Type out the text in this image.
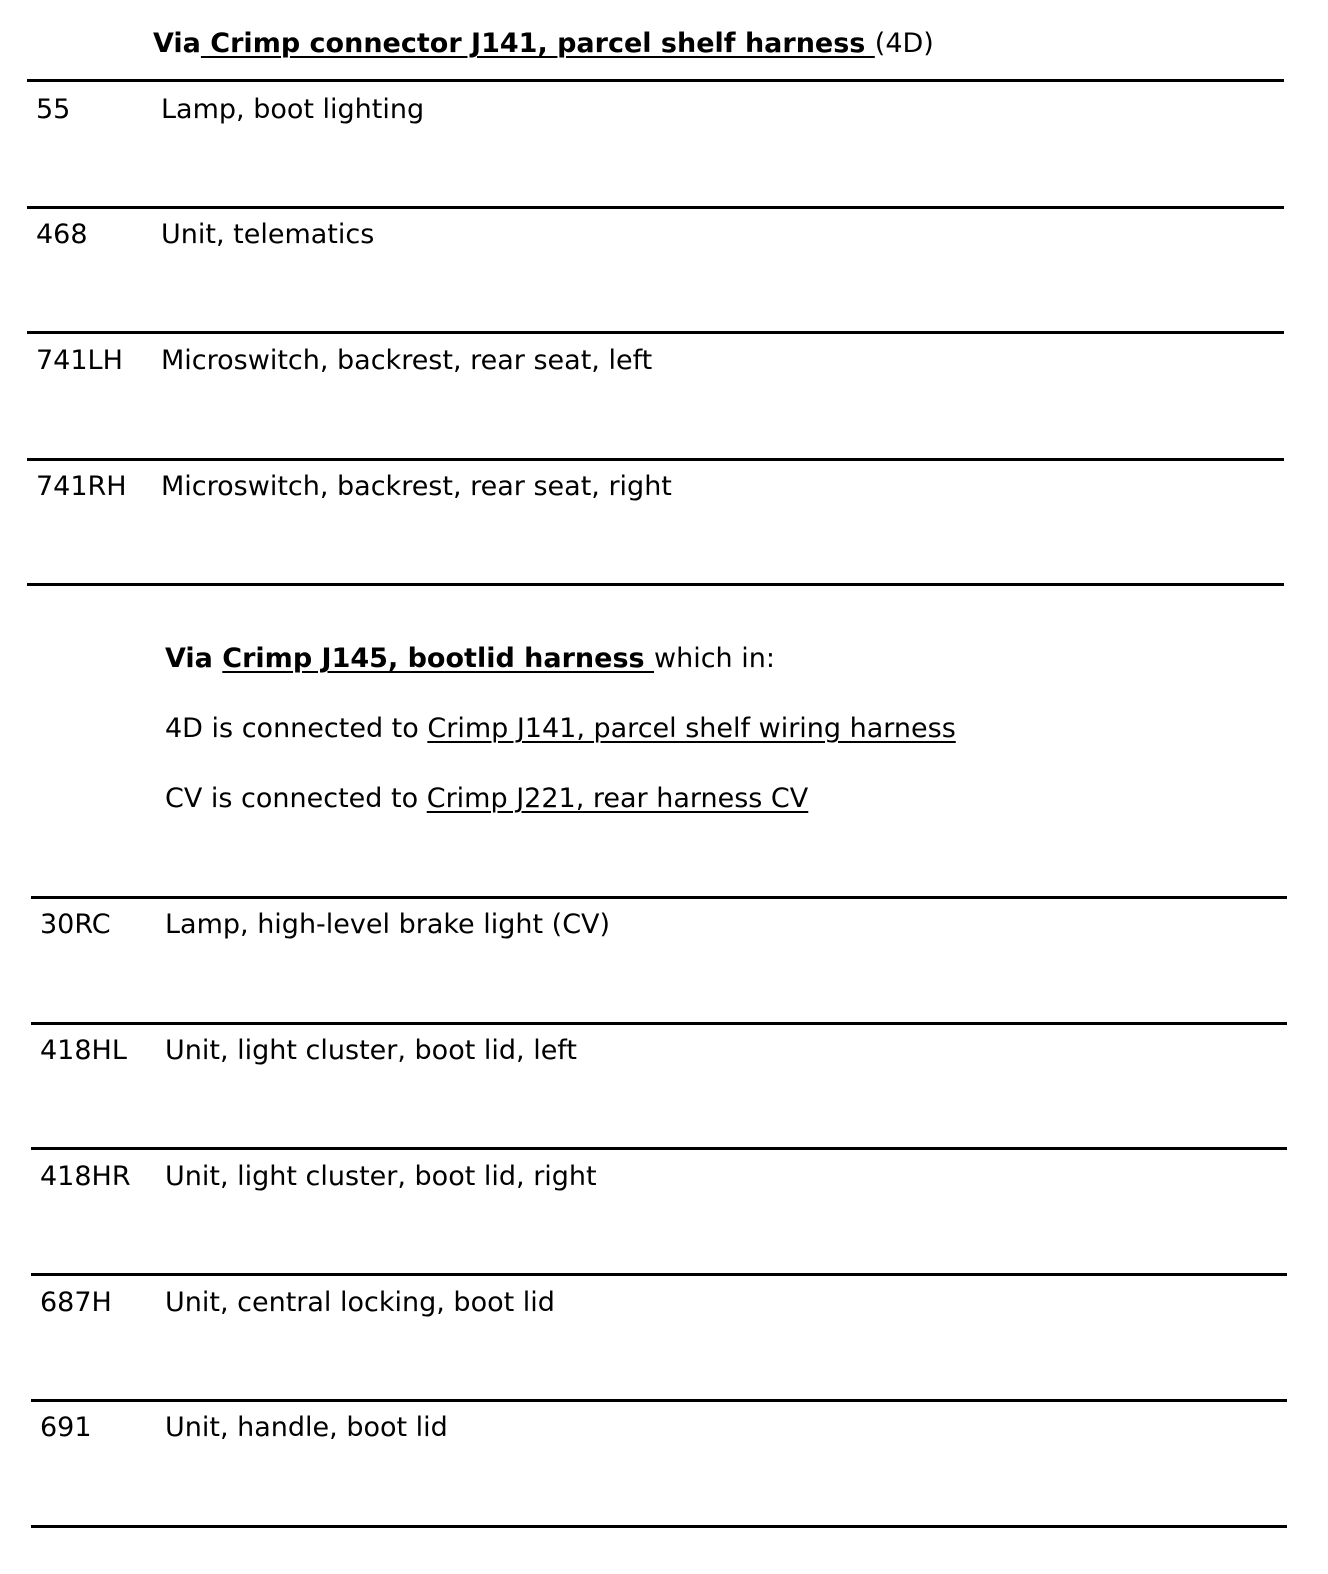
Via Crimp connector J141, parcel shelf harness (4D)
55	Lamp, boot lighting
468	Unit, telematics
741LH Microswitch, backrest, rear seat, left
741RH Microswitch, backrest, rear seat, right
Via Crimp J145, bootlid harness which in:
4D is connected to Crimp J141, parcel shelf wiring harness
CV is connected to Crimp J221, rear harness CV
30RC Lamp, high-level brake light (CV)
418HL Unit, light cluster, boot lid, left
418HR Unit, light cluster, boot lid, right
687H Unit, central locking, boot lid
691	Unit, handle, boot lid
